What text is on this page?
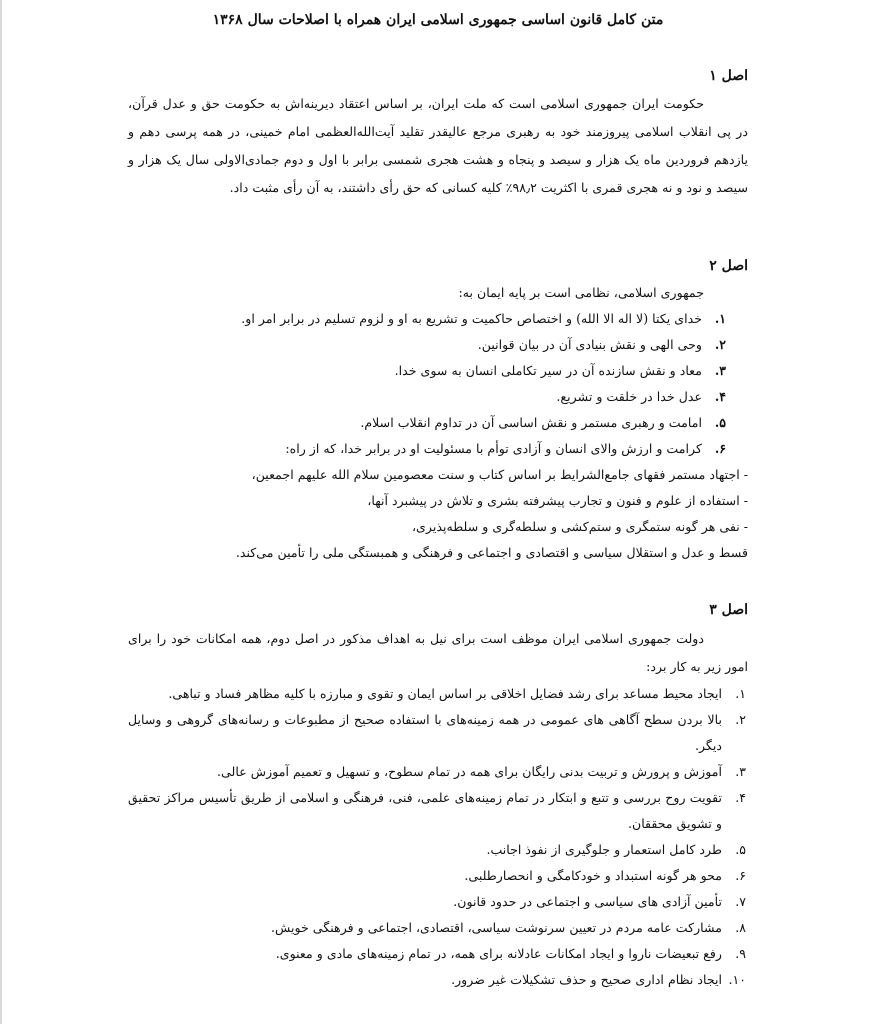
متن کامل قانون اساسی جمهوری اسلامی ایران همراه با اصلاحات سال ۱۳۶۸
اصل ۱

حکومت ایران جمهوری اسلامی است که ملت ایران، بر اساس اعتقاد دیرینه‌اش به حکومت حق و عدل قرآن، در پی انقلاب اسلامی پیروزمند خود به رهبری مرجع عالیقدر تقلید آیت‌الله‌العظمی امام خمینی، در همه پرسی دهم و یازدهم فروردین ماه یک هزار و سیصد و پنجاه و هشت هجری شمسی برابر با اول و دوم جمادی‌الاولی سال یک هزار و سیصد و نود و نه هجری قمری با اکثریت ۹۸٫۲٪ کلیه کسانی که حق رأی داشتند، به آن رأی مثبت داد.

اصل ۲
جمهوری اسلامی، نظامی است بر پایه ایمان به:
۱. خدای یکتا (لا اله الا الله) و اختصاص حاکمیت و تشریع به او و لزوم تسلیم در برابر امر او.
۲. وحی الهی و نقش بنیادی آن در بیان قوانین.
۳. معاد و نقش سازنده آن در سیر تکاملی انسان به سوی خدا.
۴. عدل خدا در خلقت و تشریع.
۵. امامت و رهبری مستمر و نقش اساسی آن در تداوم انقلاب اسلام.
۶. کرامت و ارزش والای انسان و آزادی توأم با مسئولیت او در برابر خدا، که از راه:
- اجتهاد مستمر فقهای جامع‌الشرایط بر اساس کتاب و سنت معصومین سلام الله علیهم اجمعین،
- استفاده از علوم و فنون و تجارب پیشرفته بشری و تلاش در پیشبرد آنها،
- نفی هر گونه ستمگری و ستم‌کشی و سلطه‌گری و سلطه‌پذیری،
قسط و عدل و استقلال سیاسی و اقتصادی و اجتماعی و فرهنگی و همبستگی ملی را تأمین می‌کند.
اصل ۳

دولت جمهوری اسلامی ایران موظف است برای نیل به اهداف مذکور در اصل دوم، همه امکانات خود را برای امور زیر به کار برد:

۱.
ایجاد محیط مساعد برای رشد فضایل اخلاقی بر اساس ایمان و تقوی و مبارزه با کلیه مظاهر فساد و تباهی.
۲.
بالا بردن سطح آگاهی های عمومی در همه زمینه‌های با استفاده صحیح از مطبوعات و رسانه‌های گروهی و وسایل دیگر.
۳.
آموزش و پرورش و تربیت بدنی رایگان برای همه در تمام سطوح، و تسهیل و تعمیم آموزش عالی.
۴.
تقویت روح بررسی و تتبع و ابتکار در تمام زمینه‌های علمی، فنی، فرهنگی و اسلامی از طریق تأسیس مراکز تحقیق و تشویق محققان.
۵.
طرد کامل استعمار و جلوگیری از نفوذ اجانب.
۶.
محو هر گونه استبداد و خودکامگی و انحصارطلبی.
۷.
تأمین آزادی های سیاسی و اجتماعی در حدود قانون.
۸.
مشارکت عامه مردم در تعیین سرنوشت سیاسی، اقتصادی، اجتماعی و فرهنگی خویش.
۹.
رفع تبعیضات ناروا و ایجاد امکانات عادلانه برای همه، در تمام زمینه‌های مادی و معنوی.
۱۰.
ایجاد نظام اداری صحیح و حذف تشکیلات غیر ضرور.
